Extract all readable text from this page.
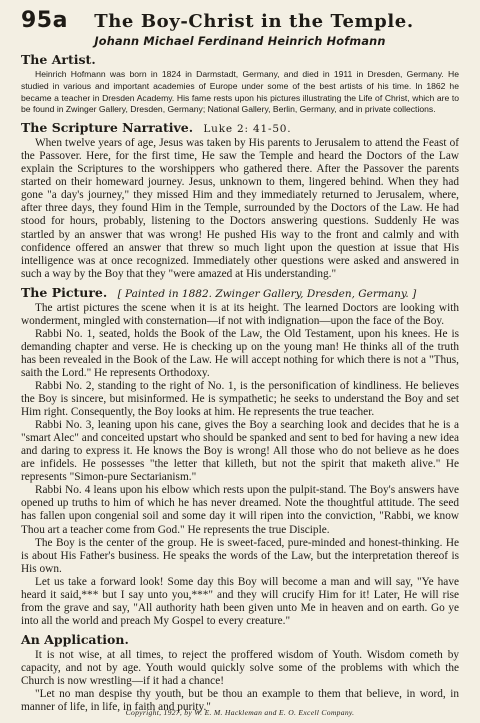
95a	The Boy-Christ in the Temple.
Johann Michael Ferdinand Heinrich Hofmann
The Artist.

Heinrich Hofmann was born in 1824 in Darmstadt, Germany, and died in 1911 in Dresden, Germany. He studied in various and important academies of Europe under some of the best artists of his time. In 1862 he became a teacher in Dresden Academy. His fame rests upon his pictures illustrating the Life of Christ, which are to be found in Zwinger Gallery, Dresden, Germany; National Gallery, Berlin, Germany, and in private collections.

The Scripture Narrative. Luke 2: 41-50.

When twelve years of age, Jesus was taken by His parents to Jerusalem to attend the Feast of the Passover. Here, for the first time, He saw the Temple and heard the Doctors of the Law explain the Scriptures to the worshippers who gathered there. After the Passover the parents started on their homeward journey. Jesus, unknown to them, lingered behind. When they had gone "a day's journey," they missed Him and they immediately returned to Jerusalem, where, after three days, they found Him in the Temple, surrounded by the Doctors of the Law. He had stood for hours, probably, listening to the Doctors answering questions. Suddenly He was startled by an answer that was wrong! He pushed His way to the front and calmly and with confidence offered an answer that threw so much light upon the question at issue that His intelligence was at once recognized. Immediately other questions were asked and answered in such a way by the Boy that they "were amazed at His understanding."

The Picture. [ Painted in 1882. Zwinger Gallery, Dresden, Germany. ]

The artist pictures the scene when it is at its height. The learned Doctors are looking with wonderment, mingled with consternation—if not with indignation—upon the face of the Boy.

Rabbi No. 1, seated, holds the Book of the Law, the Old Testament, upon his knees. He is demanding chapter and verse. He is checking up on the young man! He thinks all of the truth has been revealed in the Book of the Law. He will accept nothing for which there is not a "Thus, saith the Lord." He represents Orthodoxy.

Rabbi No. 2, standing to the right of No. 1, is the personification of kindliness. He believes the Boy is sincere, but misinformed. He is sympathetic; he seeks to understand the Boy and set Him right. Consequently, the Boy looks at him. He represents the true teacher.

Rabbi No. 3, leaning upon his cane, gives the Boy a searching look and decides that he is a "smart Alec" and conceited upstart who should be spanked and sent to bed for having a new idea and daring to express it. He knows the Boy is wrong! All those who do not believe as he does are infidels. He possesses "the letter that killeth, but not the spirit that maketh alive." He represents "Simon-pure Sectarianism."

Rabbi No. 4 leans upon his elbow which rests upon the pulpit-stand. The Boy's answers have opened up truths to him of which he has never dreamed. Note the thoughtful attitude. The seed has fallen upon congenial soil and some day it will ripen into the conviction, "Rabbi, we know Thou art a teacher come from God." He represents the true Disciple.

The Boy is the center of the group. He is sweet-faced, pure-minded and honest-thinking. He is about His Father's business. He speaks the words of the Law, but the interpretation thereof is His own.

Let us take a forward look! Some day this Boy will become a man and will say, "Ye have heard it said,*** but I say unto you,***" and they will crucify Him for it! Later, He will rise from the grave and say, "All authority hath been given unto Me in heaven and on earth. Go ye into all the world and preach My Gospel to every creature."

An Application.

It is not wise, at all times, to reject the proffered wisdom of Youth. Wisdom cometh by capacity, and not by age. Youth would quickly solve some of the problems with which the Church is now wrestling—if it had a chance!

"Let no man despise thy youth, but be thou an example to them that believe, in word, in manner of life, in life, in faith and purity."

Copyright, 1927, by W. E. M. Hackleman and E. O. Excell Company.
